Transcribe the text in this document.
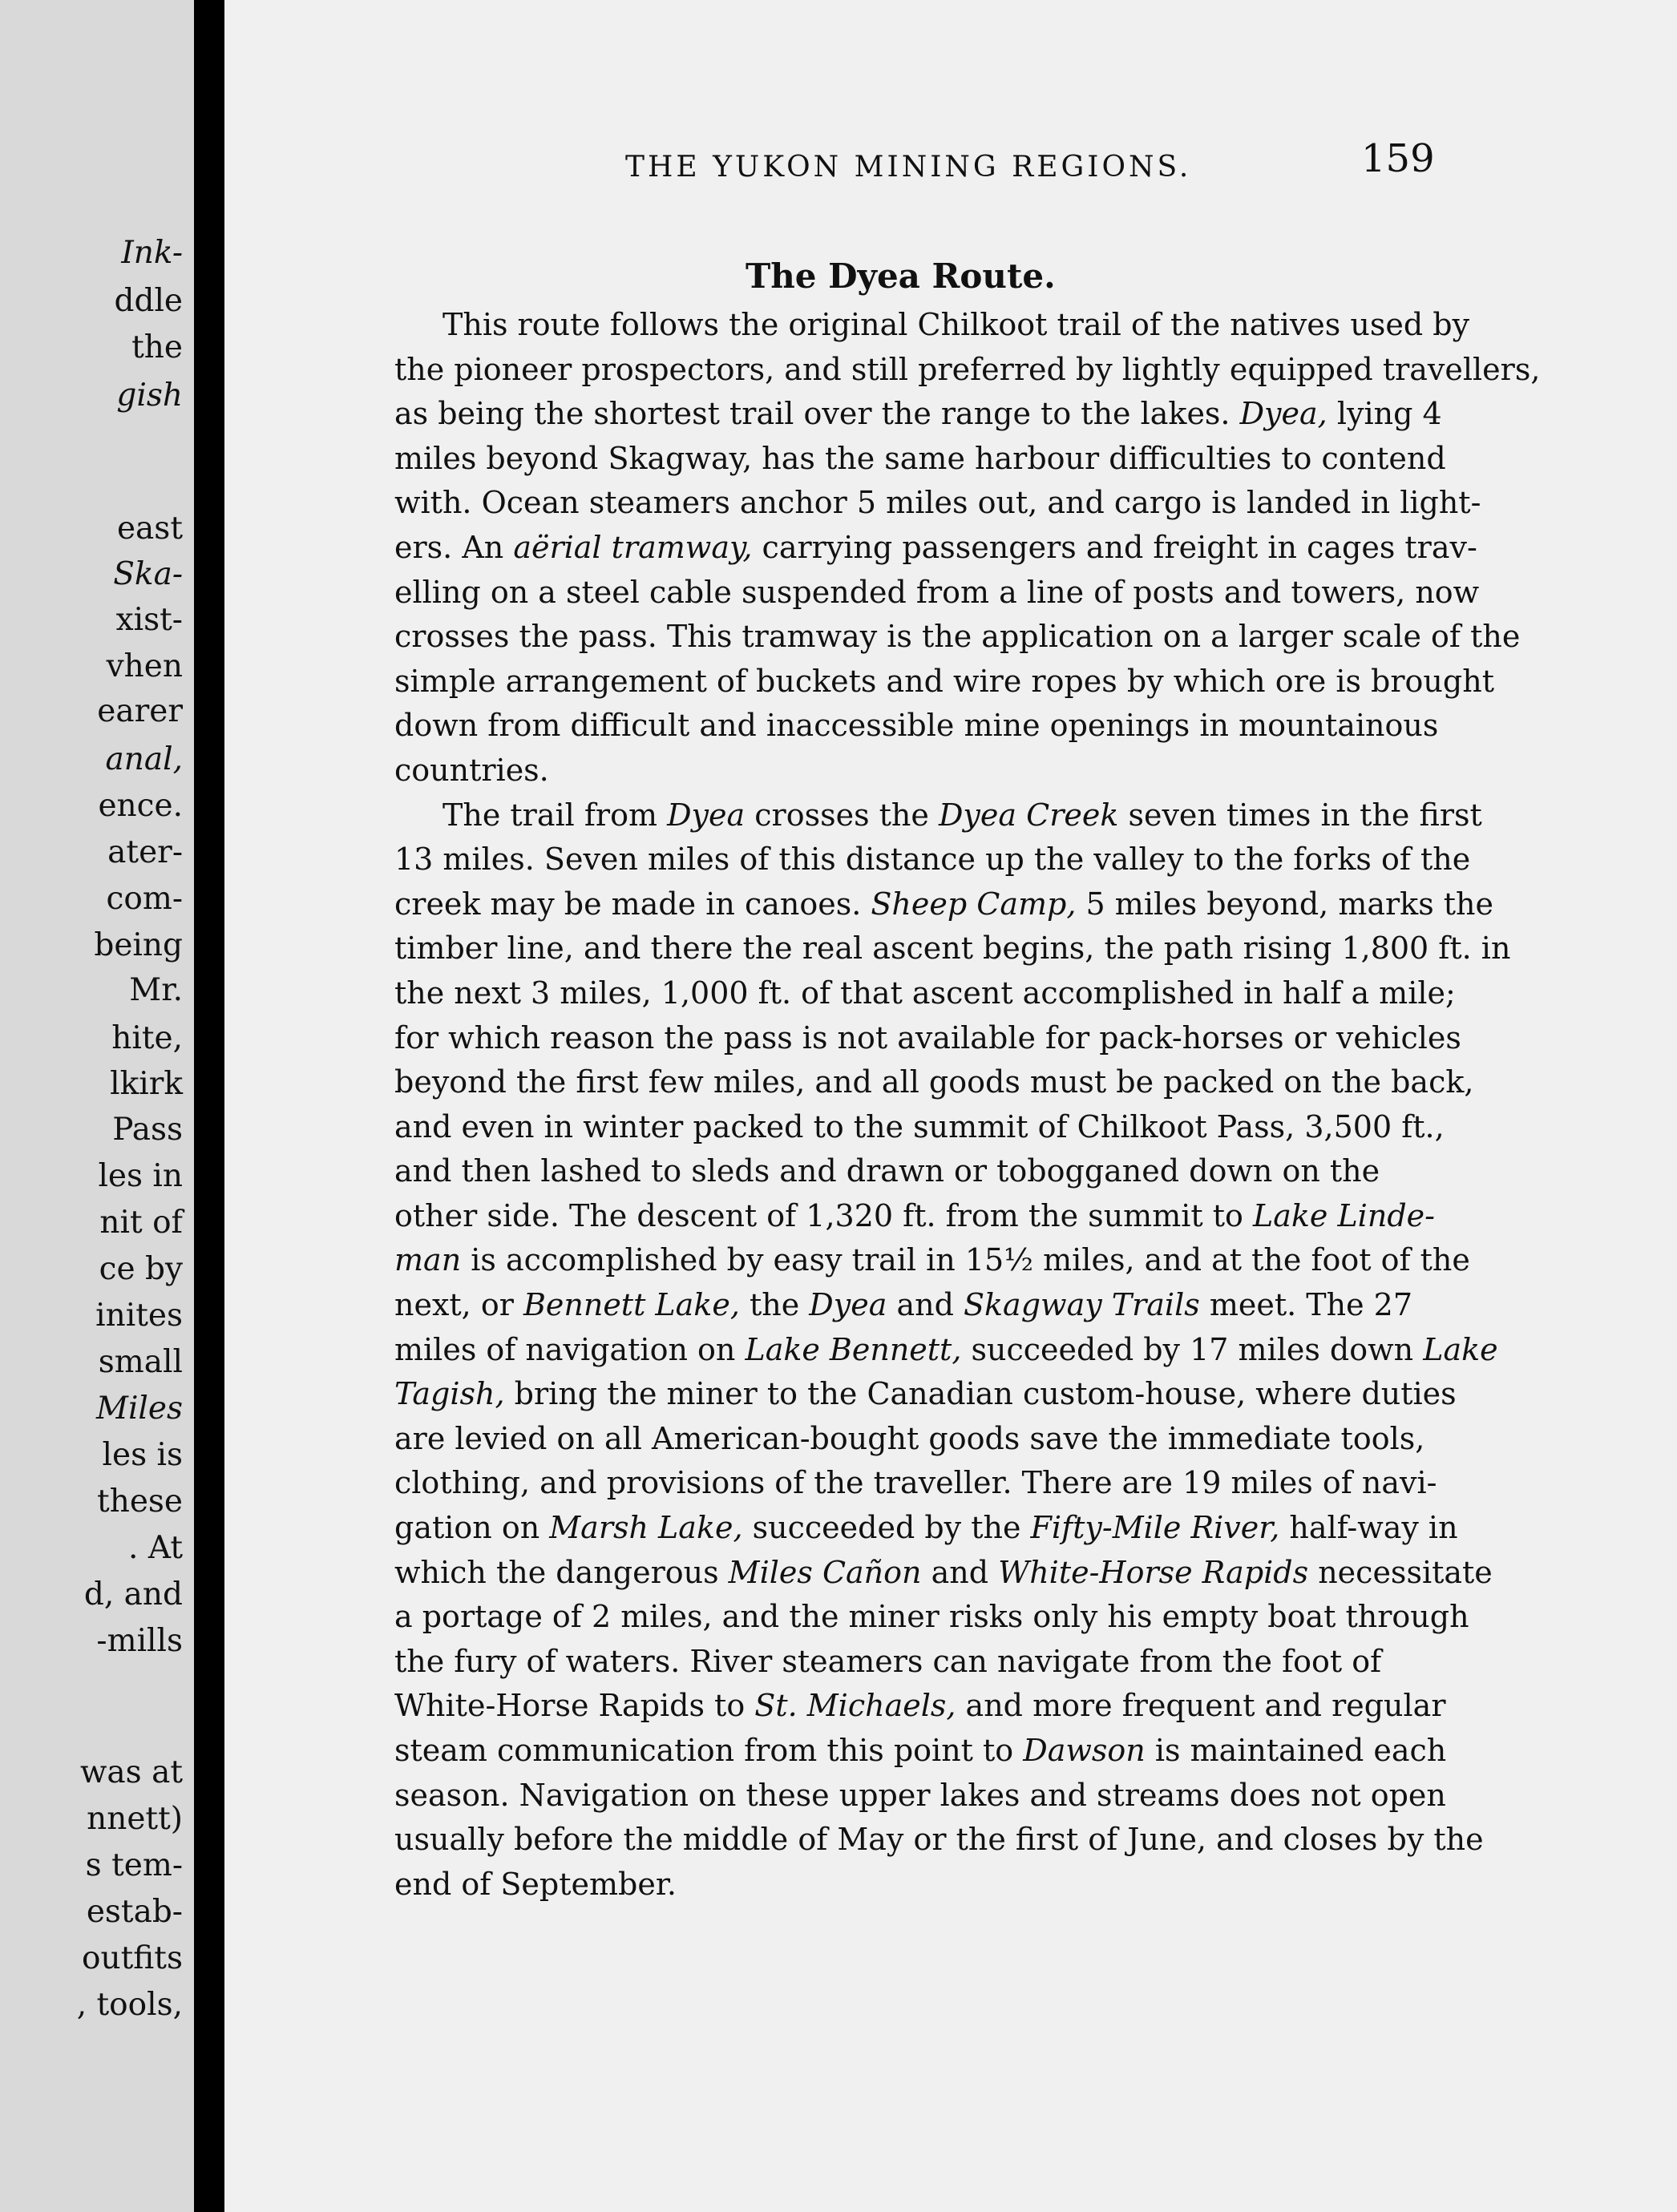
Ink-
ddle
the
gish
east
Ska-
xist-
vhen
earer
anal,
ence.
ater-
com-
being
Mr.
hite,
lkirk
Pass
les in
nit of
ce by
inites
small
Miles
les is
these
. At
d, and
-mills
was at
nnett)
s tem-
estab-
outfits
, tools,
THE YUKON MINING REGIONS.	159
The Dyea Route.
This route follows the original Chilkoot trail of the natives used by
the pioneer prospectors, and still preferred by lightly equipped travellers,
as being the shortest trail over the range to the lakes. Dyea, lying 4
miles beyond Skagway, has the same harbour difficulties to contend
with. Ocean steamers anchor 5 miles out, and cargo is landed in light-
ers. An aërial tramway, carrying passengers and freight in cages trav-
elling on a steel cable suspended from a line of posts and towers, now
crosses the pass. This tramway is the application on a larger scale of the
simple arrangement of buckets and wire ropes by which ore is brought
down from difficult and inaccessible mine openings in mountainous
countries.
The trail from Dyea crosses the Dyea Creek seven times in the first
13 miles. Seven miles of this distance up the valley to the forks of the
creek may be made in canoes. Sheep Camp, 5 miles beyond, marks the
timber line, and there the real ascent begins, the path rising 1,800 ft. in
the next 3 miles, 1,000 ft. of that ascent accomplished in half a mile;
for which reason the pass is not available for pack-horses or vehicles
beyond the first few miles, and all goods must be packed on the back,
and even in winter packed to the summit of Chilkoot Pass, 3,500 ft.,
and then lashed to sleds and drawn or tobogganed down on the
other side. The descent of 1,320 ft. from the summit to Lake Linde-
man is accomplished by easy trail in 15½ miles, and at the foot of the
next, or Bennett Lake, the Dyea and Skagway Trails meet. The 27
miles of navigation on Lake Bennett, succeeded by 17 miles down Lake
Tagish, bring the miner to the Canadian custom-house, where duties
are levied on all American-bought goods save the immediate tools,
clothing, and provisions of the traveller. There are 19 miles of navi-
gation on Marsh Lake, succeeded by the Fifty-Mile River, half-way in
which the dangerous Miles Cañon and White-Horse Rapids necessitate
a portage of 2 miles, and the miner risks only his empty boat through
the fury of waters. River steamers can navigate from the foot of
White-Horse Rapids to St. Michaels, and more frequent and regular
steam communication from this point to Dawson is maintained each
season. Navigation on these upper lakes and streams does not open
usually before the middle of May or the first of June, and closes by the
end of September.
